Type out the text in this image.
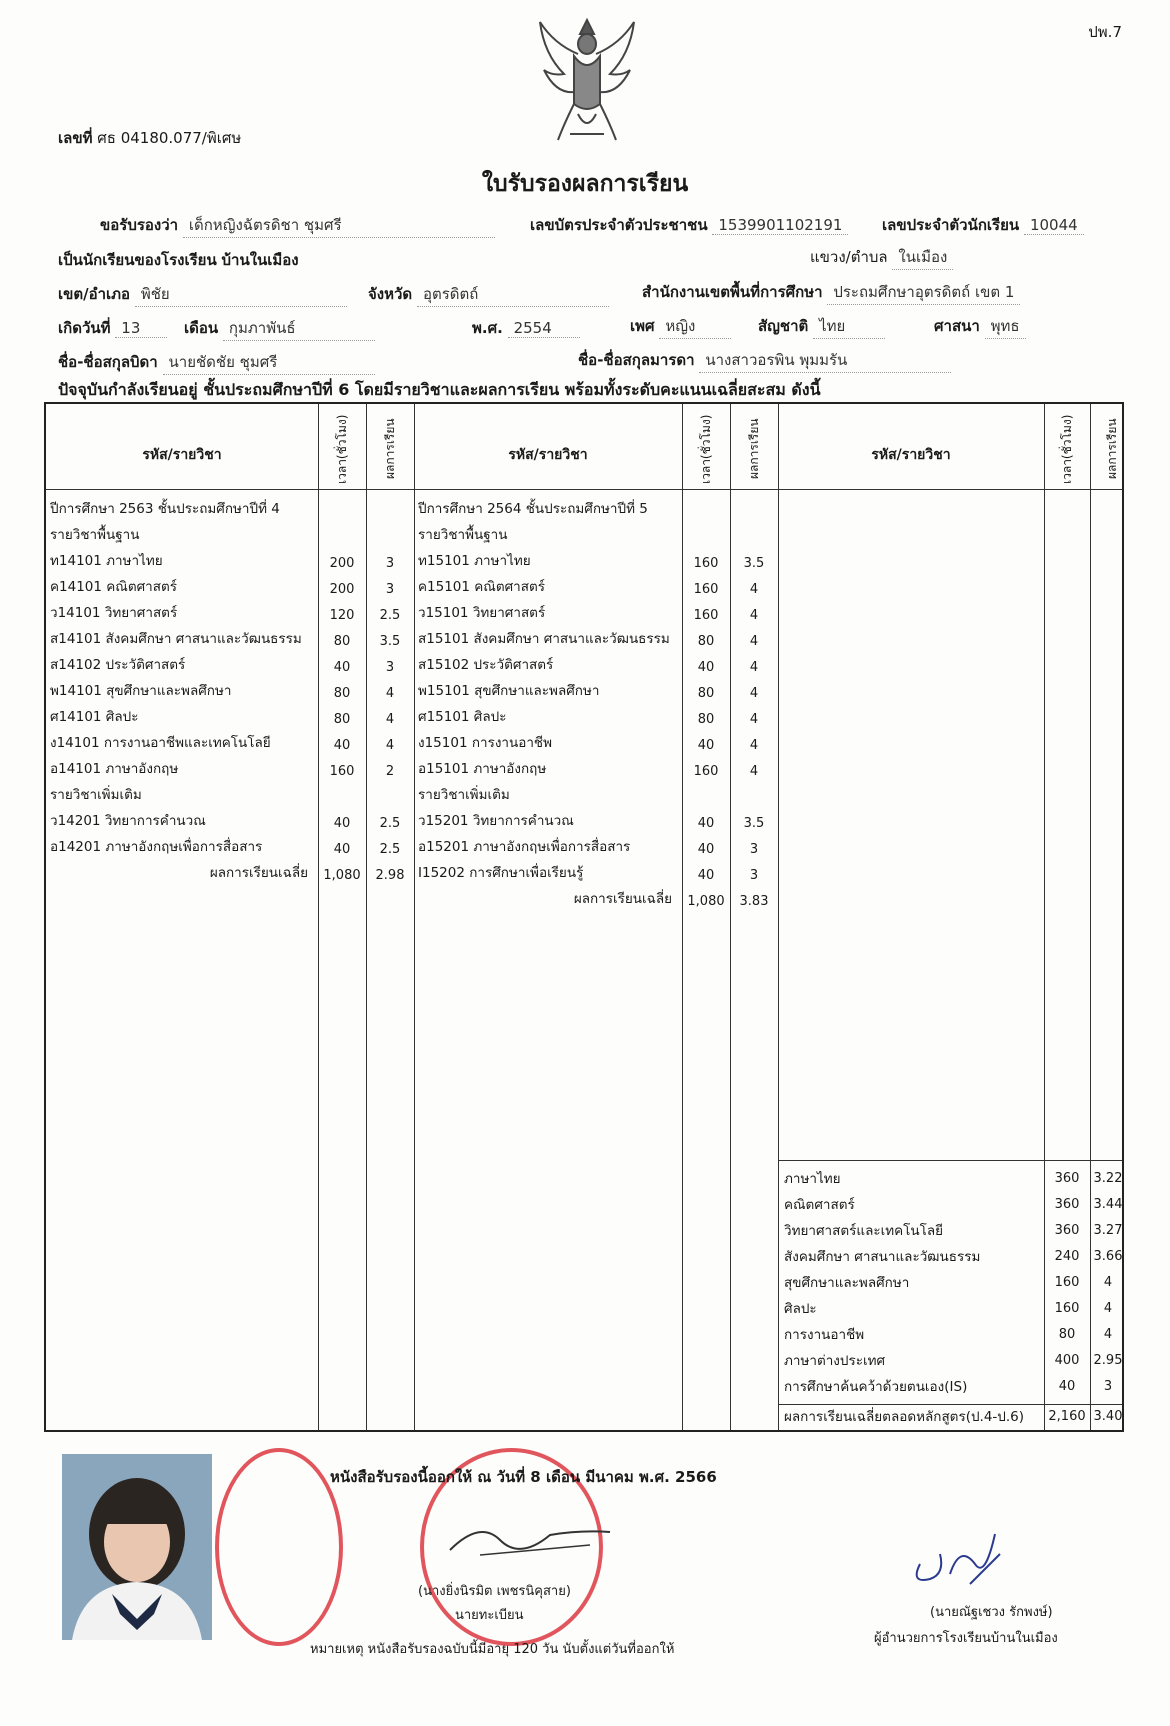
ปพ.7
เลขที่ ศธ 04180.077/พิเศษ
ใบรับรองผลการเรียน
ขอรับรองว่า เด็กหญิงฉัตรดิชา ชุมศรี	เลขบัตรประจำตัวประชาชน 1539901102191	เลขประจำตัวนักเรียน 10044
เป็นนักเรียนของโรงเรียน บ้านในเมือง	แขวง/ตำบล ในเมือง
เขต/อำเภอ พิชัย	จังหวัด อุตรดิตถ์	สำนักงานเขตพื้นที่การศึกษา ประถมศึกษาอุตรดิตถ์ เขต 1
เกิดวันที่ 13	เดือน กุมภาพันธ์	พ.ศ. 2554	เพศ หญิง	สัญชาติ ไทย	ศาสนา พุทธ
ชื่อ-ชื่อสกุลบิดา นายชัดชัย ชุมศรี	ชื่อ-ชื่อสกุลมารดา นางสาวอรพิน พุมมรัน
ปัจจุบันกำลังเรียนอยู่ ชั้นประถมศึกษาปีที่ 6 โดยมีรายวิชาและผลการเรียน พร้อมทั้งระดับคะแนนเฉลี่ยสะสม ดังนี้
รหัส/รายวิชา	เวลา(ชั่วโมง)	ผลการเรียน	รหัส/รายวิชา	เวลา(ชั่วโมง)	ผลการเรียน	รหัส/รายวิชา	เวลา(ชั่วโมง)	ผลการเรียน
ปีการศึกษา 2563 ชั้นประถมศึกษาปีที่ 4
รายวิชาพื้นฐาน
ท14101 ภาษาไทย	200	3
ค14101 คณิตศาสตร์	200	3
ว14101 วิทยาศาสตร์	120	2.5
ส14101 สังคมศึกษา ศาสนาและวัฒนธรรม	80	3.5
ส14102 ประวัติศาสตร์	40	3
พ14101 สุขศึกษาและพลศึกษา	80	4
ศ14101 ศิลปะ	80	4
ง14101 การงานอาชีพและเทคโนโลยี	40	4
อ14101 ภาษาอังกฤษ	160	2
รายวิชาเพิ่มเติม
ว14201 วิทยาการคำนวณ	40	2.5
อ14201 ภาษาอังกฤษเพื่อการสื่อสาร	40	2.5
ผลการเรียนเฉลี่ย	1,080	2.98
ปีการศึกษา 2564 ชั้นประถมศึกษาปีที่ 5
รายวิชาพื้นฐาน
ท15101 ภาษาไทย	160	3.5
ค15101 คณิตศาสตร์	160	4
ว15101 วิทยาศาสตร์	160	4
ส15101 สังคมศึกษา ศาสนาและวัฒนธรรม	80	4
ส15102 ประวัติศาสตร์	40	4
พ15101 สุขศึกษาและพลศึกษา	80	4
ศ15101 ศิลปะ	80	4
ง15101 การงานอาชีพ	40	4
อ15101 ภาษาอังกฤษ	160	4
รายวิชาเพิ่มเติม
ว15201 วิทยาการคำนวณ	40	3.5
อ15201 ภาษาอังกฤษเพื่อการสื่อสาร	40	3
I15202 การศึกษาเพื่อเรียนรู้	40	3
ผลการเรียนเฉลี่ย	1,080	3.83
ภาษาไทย	360	3.22
คณิตศาสตร์	360	3.44
วิทยาศาสตร์และเทคโนโลยี	360	3.27
สังคมศึกษา ศาสนาและวัฒนธรรม	240	3.66
สุขศึกษาและพลศึกษา	160	4
ศิลปะ	160	4
การงานอาชีพ	80	4
ภาษาต่างประเทศ	400	2.95
การศึกษาค้นคว้าด้วยตนเอง(IS)	40	3
ผลการเรียนเฉลี่ยตลอดหลักสูตร(ป.4-ป.6)	2,160 3.40
หนังสือรับรองนี้ออกให้ ณ วันที่ 8 เดือน มีนาคม พ.ศ. 2566
(นางยิ่งนิรมิต เพชรนิคุสาย)
นายทะเบียน
หมายเหตุ หนังสือรับรองฉบับนี้มีอายุ 120 วัน นับตั้งแต่วันที่ออกให้
(นายณัฐเชวง รักพงษ์)
ผู้อำนวยการโรงเรียนบ้านในเมือง
